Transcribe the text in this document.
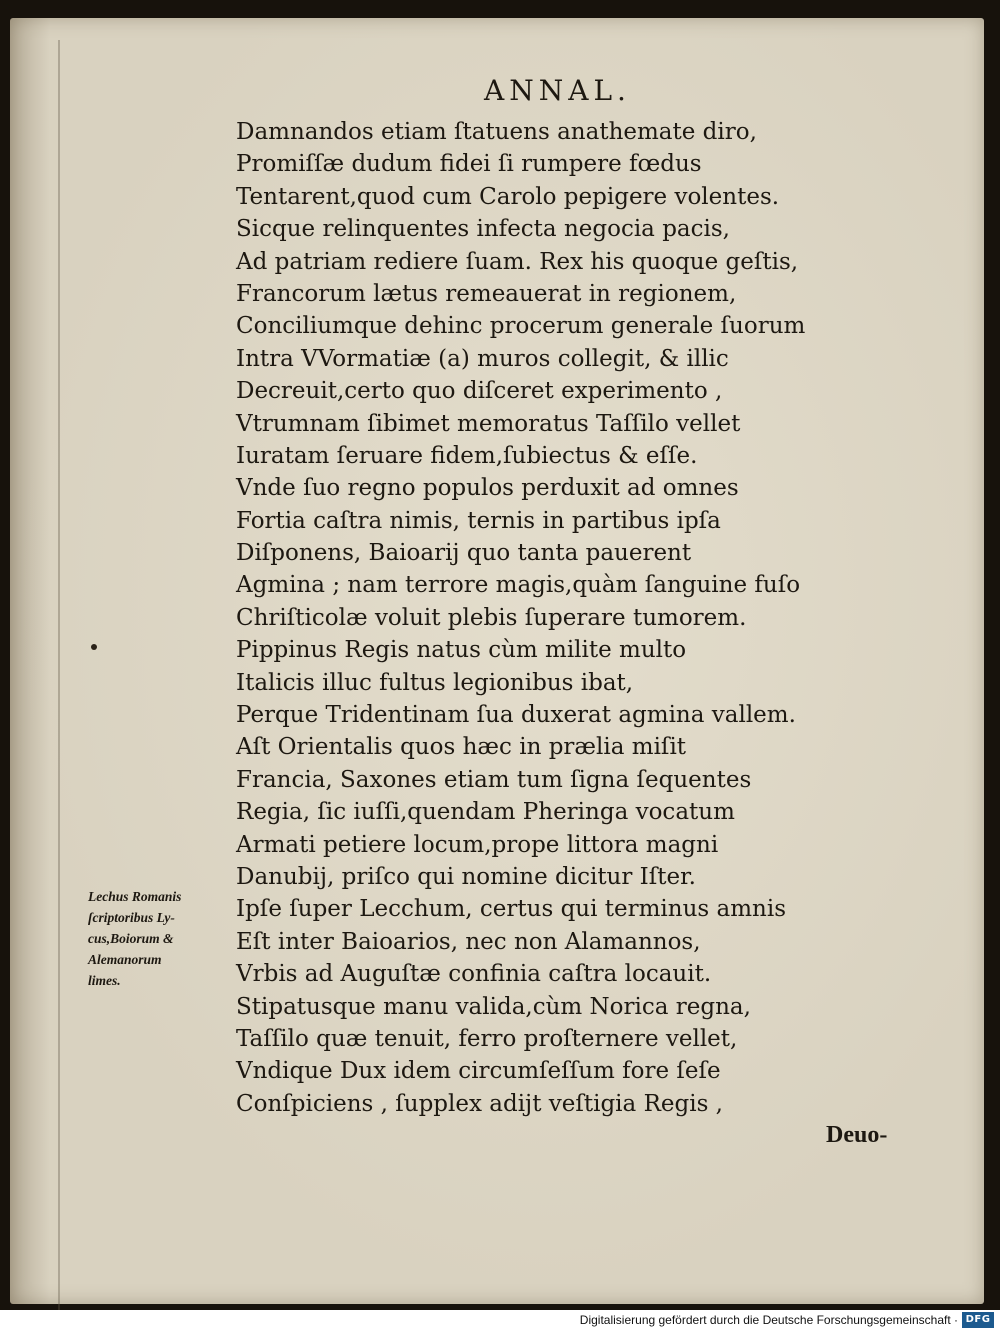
ANNAL.
Damnandos etiam ſtatuens anathemate diro,
Promiſſæ dudum fidei ſi rumpere fœdus
Tentarent,quod cum Carolo pepigere volentes.
Sicque relinquentes infecta negocia pacis,
Ad patriam rediere ſuam. Rex his quoque geſtis,
Francorum lætus remeauerat in regionem,
Conciliumque dehinc procerum generale ſuorum
Intra VVormatiæ (a) muros collegit, & illic
Decreuit,certo quo diſceret experimento ,
Vtrumnam ſibimet memoratus Taſſilo vellet
Iuratam ſeruare fidem,ſubiectus & eſſe.
Vnde ſuo regno populos perduxit ad omnes
Fortia caſtra nimis, ternis in partibus ipſa
Diſponens, Baioarij quo tanta pauerent
Agmina ; nam terrore magis,quàm ſanguine fuſo
Chriſticolæ voluit plebis ſuperare tumorem.
Pippinus Regis natus cùm milite multo
Italicis illuc fultus legionibus ibat,
Perque Tridentinam ſua duxerat agmina vallem.
Aſt Orientalis quos hæc in prælia miſit
Francia, Saxones etiam tum ſigna ſequentes
Regia, ſic iuſſi,quendam Pheringa vocatum
Armati petiere locum,prope littora magni
Danubij, priſco qui nomine dicitur Iſter.
Ipſe ſuper Lecchum, certus qui terminus amnis
Eſt inter Baioarios, nec non Alamannos,
Vrbis ad Auguſtæ confinia caſtra locauit.
Stipatusque manu valida,cùm Norica regna,
Taſſilo quæ tenuit, ferro proſternere vellet,
Vndique Dux idem circumſeſſum fore ſeſe
Conſpiciens , ſupplex adijt veſtigia Regis ,
Lechus Romanis
ſcriptoribus Ly-
cus,Boiorum &
Alemanorum
limes.
Deuo-
Digitalisierung gefördert durch die Deutsche Forschungsgemeinschaft · DFG
